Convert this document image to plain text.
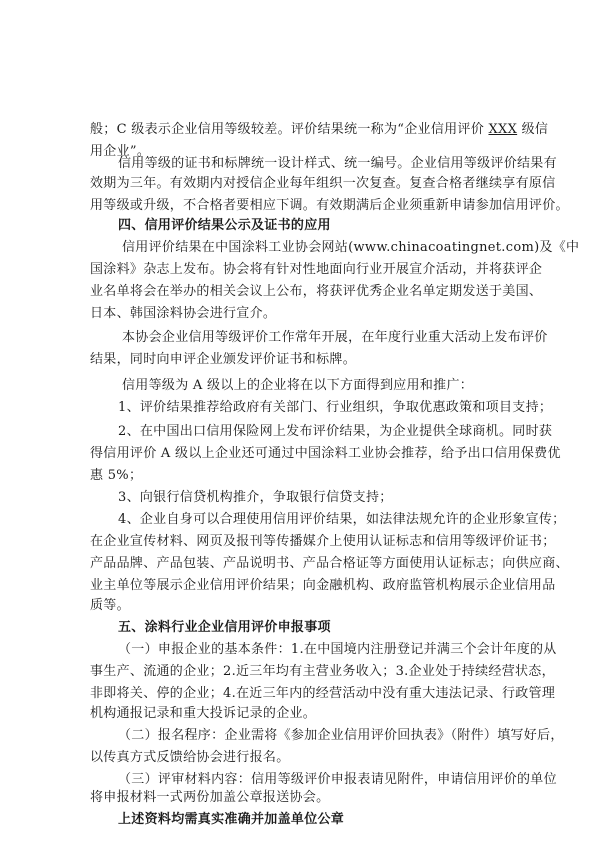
般；C 级表示企业信用等级较差。评价结果统一称为“企业信用评价 XXX 级信
用企业”。
信用等级的证书和标牌统一设计样式、统一编号。企业信用等级评价结果有
效期为三年。有效期内对授信企业每年组织一次复查。复查合格者继续享有原信
用等级或升级，不合格者要相应下调。有效期满后企业须重新申请参加信用评价。
四、信用评价结果公示及证书的应用
信用评价结果在中国涂料工业协会网站(www.chinacoatingnet.com)及《中
国涂料》杂志上发布。协会将有针对性地面向行业开展宣介活动，并将获评企
业名单将会在举办的相关会议上公布，将获评优秀企业名单定期发送于美国、
日本、韩国涂料协会进行宣介。
本协会企业信用等级评价工作常年开展，在年度行业重大活动上发布评价
结果，同时向申评企业颁发评价证书和标牌。
信用等级为 A 级以上的企业将在以下方面得到应用和推广：
1、评价结果推荐给政府有关部门、行业组织，争取优惠政策和项目支持；
2、在中国出口信用保险网上发布评价结果，为企业提供全球商机。同时获
得信用评价 A 级以上企业还可通过中国涂料工业协会推荐，给予出口信用保费优
惠 5%；
3、向银行信贷机构推介，争取银行信贷支持；
4、企业自身可以合理使用信用评价结果，如法律法规允许的企业形象宣传；
在企业宣传材料、网页及报刊等传播媒介上使用认证标志和信用等级评价证书；
产品品牌、产品包装、产品说明书、产品合格证等方面使用认证标志；向供应商、
业主单位等展示企业信用评价结果；向金融机构、政府监管机构展示企业信用品
质等。
五、涂料行业企业信用评价申报事项
（一）申报企业的基本条件：1.在中国境内注册登记并满三个会计年度的从
事生产、流通的企业；2.近三年均有主营业务收入；3.企业处于持续经营状态，
非即将关、停的企业；4.在近三年内的经营活动中没有重大违法记录、行政管理
机构通报记录和重大投诉记录的企业。
（二）报名程序：企业需将《参加企业信用评价回执表》（附件）填写好后，
以传真方式反馈给协会进行报名。
（三）评审材料内容：信用等级评价申报表请见附件，申请信用评价的单位
将申报材料一式两份加盖公章报送协会。
上述资料均需真实准确并加盖单位公章
